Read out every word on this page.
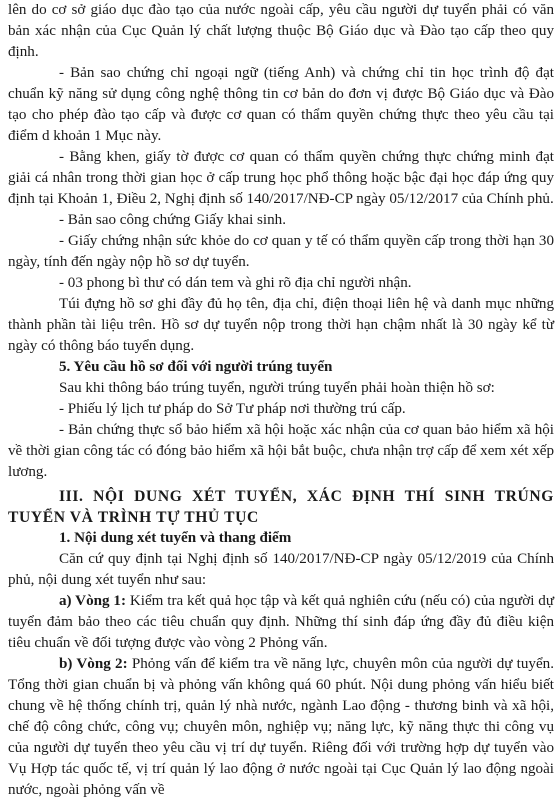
lên do cơ sở giáo dục đào tạo của nước ngoài cấp, yêu cầu người dự tuyển phải có văn bản xác nhận của Cục Quản lý chất lượng thuộc Bộ Giáo dục và Đào tạo cấp theo quy định.

- Bản sao chứng chỉ ngoại ngữ (tiếng Anh) và chứng chỉ tin học trình độ đạt chuẩn kỹ năng sử dụng công nghệ thông tin cơ bản do đơn vị được Bộ Giáo dục và Đào tạo cho phép đào tạo cấp và được cơ quan có thẩm quyền chứng thực theo yêu cầu tại điểm d khoản 1 Mục này.

- Bằng khen, giấy tờ được cơ quan có thẩm quyền chứng thực chứng minh đạt giải cá nhân trong thời gian học ở cấp trung học phổ thông hoặc bậc đại học đáp ứng quy định tại Khoản 1, Điều 2, Nghị định số 140/2017/NĐ-CP ngày 05/12/2017 của Chính phủ.

- Bản sao công chứng Giấy khai sinh.

- Giấy chứng nhận sức khỏe do cơ quan y tế có thẩm quyền cấp trong thời hạn 30 ngày, tính đến ngày nộp hồ sơ dự tuyển.

- 03 phong bì thư có dán tem và ghi rõ địa chỉ người nhận.

Túi đựng hồ sơ ghi đầy đủ họ tên, địa chỉ, điện thoại liên hệ và danh mục những thành phần tài liệu trên. Hồ sơ dự tuyển nộp trong thời hạn chậm nhất là 30 ngày kể từ ngày có thông báo tuyển dụng.

5. Yêu cầu hồ sơ đối với người trúng tuyển

Sau khi thông báo trúng tuyển, người trúng tuyển phải hoàn thiện hồ sơ:

- Phiếu lý lịch tư pháp do Sở Tư pháp nơi thường trú cấp.

- Bản chứng thực sổ bảo hiểm xã hội hoặc xác nhận của cơ quan bảo hiểm xã hội về thời gian công tác có đóng bảo hiểm xã hội bắt buộc, chưa nhận trợ cấp để xem xét xếp lương.

III. NỘI DUNG XÉT TUYỂN, XÁC ĐỊNH THÍ SINH TRÚNG TUYỂN VÀ TRÌNH TỰ THỦ TỤC

1. Nội dung xét tuyển và thang điểm

Căn cứ quy định tại Nghị định số 140/2017/NĐ-CP ngày 05/12/2019 của Chính phủ, nội dung xét tuyển như sau:

a) Vòng 1: Kiểm tra kết quả học tập và kết quả nghiên cứu (nếu có) của người dự tuyển đảm bảo theo các tiêu chuẩn quy định. Những thí sinh đáp ứng đầy đủ điều kiện tiêu chuẩn về đối tượng được vào vòng 2 Phỏng vấn.

b) Vòng 2: Phỏng vấn để kiểm tra về năng lực, chuyên môn của người dự tuyển. Tổng thời gian chuẩn bị và phỏng vấn không quá 60 phút. Nội dung phỏng vấn hiểu biết chung về hệ thống chính trị, quản lý nhà nước, ngành Lao động - thương binh và xã hội, chế độ công chức, công vụ; chuyên môn, nghiệp vụ; năng lực, kỹ năng thực thi công vụ của người dự tuyển theo yêu cầu vị trí dự tuyển. Riêng đối với trường hợp dự tuyển vào Vụ Hợp tác quốc tế, vị trí quản lý lao động ở nước ngoài tại Cục Quản lý lao động ngoài nước, ngoài phỏng vấn về
